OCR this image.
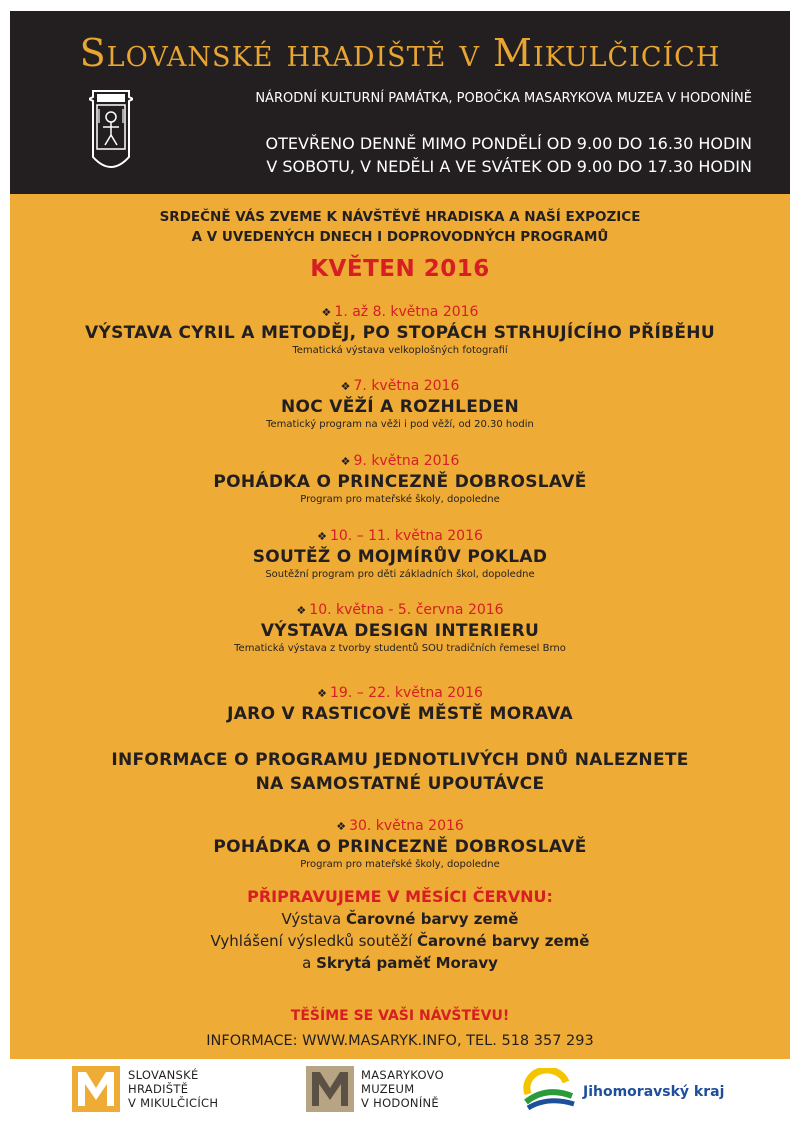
Slovanské hradiště v Mikulčicích
NÁRODNÍ KULTURNÍ PAMÁTKA, POBOČKA MASARYKOVA MUZEA V HODONÍNĚ
OTEVŘENO DENNĚ MIMO PONDĚLÍ OD 9.00 DO 16.30 HODIN
V SOBOTU, V NEDĚLI A VE SVÁTEK OD 9.00 DO 17.30 HODIN
SRDEČNĚ VÁS ZVEME K NÁVŠTĚVĚ HRADISKA A NAŠÍ EXPOZICE
A V UVEDENÝCH DNECH I DOPROVODNÝCH PROGRAMŮ
KVĚTEN 2016
❖ 1. až 8. května 2016
VÝSTAVA CYRIL A METODĚJ, PO STOPÁCH STRHUJÍCÍHO PŘÍBĚHU
Tematická výstava velkoplošných fotografií
❖ 7. května 2016
NOC VĚŽÍ A ROZHLEDEN
Tematický program na věži i pod věží, od 20.30 hodin
❖ 9. května 2016
POHÁDKA O PRINCEZNĚ DOBROSLAVĚ
Program pro mateřské školy, dopoledne
❖ 10. – 11. května 2016
SOUTĚŽ O MOJMÍRŮV POKLAD
Soutěžní program pro děti základních škol, dopoledne
❖ 10. května - 5. června 2016
VÝSTAVA DESIGN INTERIERU
Tematická výstava z tvorby studentů SOU tradičních řemesel Brno
❖ 19. – 22. května 2016
JARO V RASTICOVĚ MĚSTĚ MORAVA
INFORMACE O PROGRAMU JEDNOTLIVÝCH DNŮ NALEZNETE
NA SAMOSTATNÉ UPOUTÁVCE
❖ 30. května 2016
POHÁDKA O PRINCEZNĚ DOBROSLAVĚ
Program pro mateřské školy, dopoledne
PŘIPRAVUJEME V MĚSÍCI ČERVNU:
Výstava Čarovné barvy země
Vyhlášení výsledků soutěží Čarovné barvy země
a Skrytá paměť Moravy
TĚŠÍME SE VAŠI NÁVŠTĚVU!
INFORMACE: WWW.MASARYK.INFO, TEL. 518 357 293
SLOVANSKÉ
HRADIŠTĚ
V MIKULČICÍCH
MASARYKOVO
MUZEUM
V HODONÍNĚ
Jihomoravský kraj
